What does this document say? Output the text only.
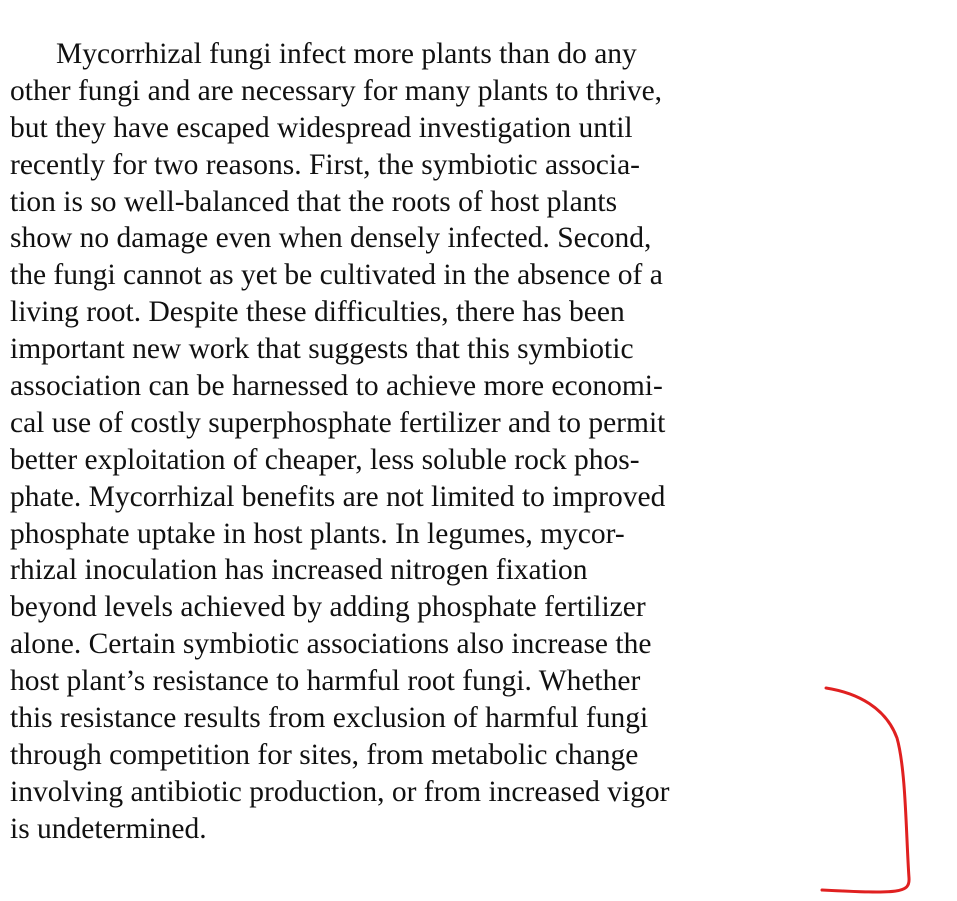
Mycorrhizal fungi infect more plants than do any
other fungi and are necessary for many plants to thrive,
but they have escaped widespread investigation until
recently for two reasons. First, the symbiotic associa-
tion is so well-balanced that the roots of host plants
show no damage even when densely infected. Second,
the fungi cannot as yet be cultivated in the absence of a
living root. Despite these difficulties, there has been
important new work that suggests that this symbiotic
association can be harnessed to achieve more economi-
cal use of costly superphosphate fertilizer and to permit
better exploitation of cheaper, less soluble rock phos-
phate. Mycorrhizal benefits are not limited to improved
phosphate uptake in host plants. In legumes, mycor-
rhizal inoculation has increased nitrogen fixation
beyond levels achieved by adding phosphate fertilizer
alone. Certain symbiotic associations also increase the
host plant’s resistance to harmful root fungi. Whether
this resistance results from exclusion of harmful fungi
through competition for sites, from metabolic change
involving antibiotic production, or from increased vigor
is undetermined.
